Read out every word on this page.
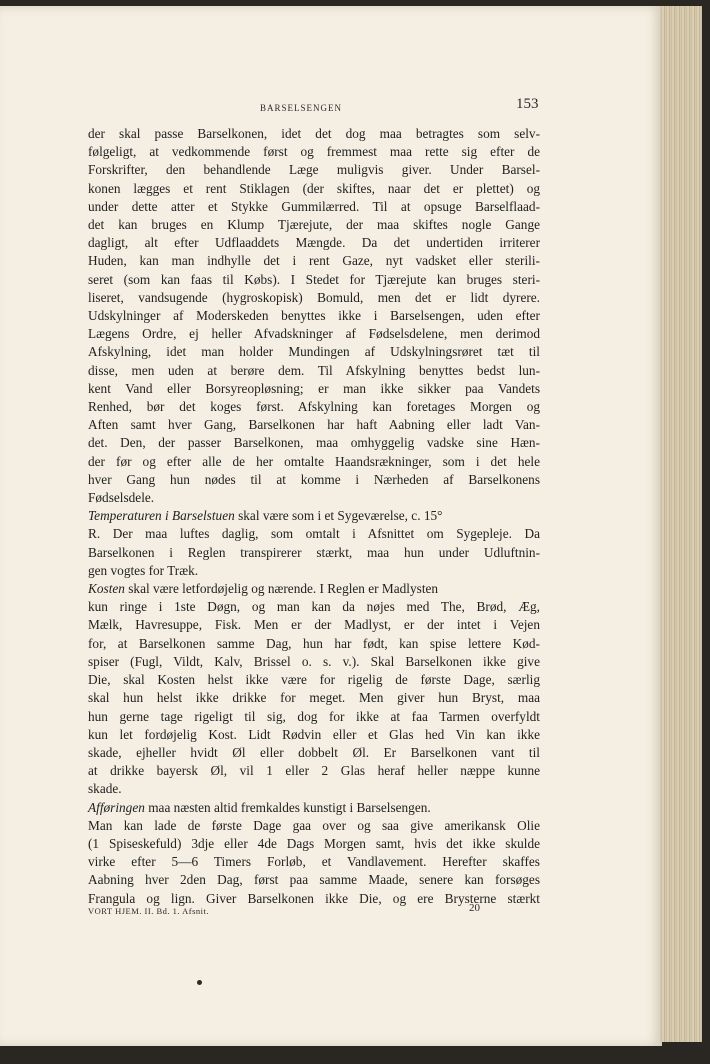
BARSELSENGEN	153
der skal passe Barselkonen, idet det dog maa betragtes som selv-
følgeligt, at vedkommende først og fremmest maa rette sig efter de
Forskrifter, den behandlende Læge muligvis giver. Under Barsel-
konen lægges et rent Stiklagen (der skiftes, naar det er plettet) og
under dette atter et Stykke Gummilærred. Til at opsuge Barselflaad-
det kan bruges en Klump Tjærejute, der maa skiftes nogle Gange
dagligt, alt efter Udflaaddets Mængde. Da det undertiden irriterer
Huden, kan man indhylle det i rent Gaze, nyt vadsket eller sterili-
seret (som kan faas til Købs). I Stedet for Tjærejute kan bruges steri-
liseret, vandsugende (hygroskopisk) Bomuld, men det er lidt dyrere.
Udskylninger af Moderskeden benyttes ikke i Barselsengen, uden efter
Lægens Ordre, ej heller Afvadskninger af Fødselsdelene, men derimod
Afskylning, idet man holder Mundingen af Udskylningsrøret tæt til
disse, men uden at berøre dem. Til Afskylning benyttes bedst lun-
kent Vand eller Borsyreopløsning; er man ikke sikker paa Vandets
Renhed, bør det koges først. Afskylning kan foretages Morgen og
Aften samt hver Gang, Barselkonen har haft Aabning eller ladt Van-
det. Den, der passer Barselkonen, maa omhyggelig vadske sine Hæn-
der før og efter alle de her omtalte Haandsrækninger, som i det hele
hver Gang hun nødes til at komme i Nærheden af Barselkonens
Fødselsdele.
Temperaturen i Barselstuen skal være som i et Sygeværelse, c. 15°
R. Der maa luftes daglig, som omtalt i Afsnittet om Sygepleje. Da
Barselkonen i Reglen transpirerer stærkt, maa hun under Udluftnin-
gen vogtes for Træk.
Kosten skal være letfordøjelig og nærende. I Reglen er Madlysten
kun ringe i 1ste Døgn, og man kan da nøjes med The, Brød, Æg,
Mælk, Havresuppe, Fisk. Men er der Madlyst, er der intet i Vejen
for, at Barselkonen samme Dag, hun har født, kan spise lettere Kød-
spiser (Fugl, Vildt, Kalv, Brissel o. s. v.). Skal Barselkonen ikke give
Die, skal Kosten helst ikke være for rigelig de første Dage, særlig
skal hun helst ikke drikke for meget. Men giver hun Bryst, maa
hun gerne tage rigeligt til sig, dog for ikke at faa Tarmen overfyldt
kun let fordøjelig Kost. Lidt Rødvin eller et Glas hed Vin kan ikke
skade, ejheller hvidt Øl eller dobbelt Øl. Er Barselkonen vant til
at drikke bayersk Øl, vil 1 eller 2 Glas heraf heller næppe kunne
skade.
Afføringen maa næsten altid fremkaldes kunstigt i Barselsengen.
Man kan lade de første Dage gaa over og saa give amerikansk Olie
(1 Spiseskefuld) 3dje eller 4de Dags Morgen samt, hvis det ikke skulde
virke efter 5—6 Timers Forløb, et Vandlavement. Herefter skaffes
Aabning hver 2den Dag, først paa samme Maade, senere kan forsøges
Frangula og lign. Giver Barselkonen ikke Die, og ere Brysterne stærkt
VORT HJEM. II. Bd. 1. Afsnit.	20
